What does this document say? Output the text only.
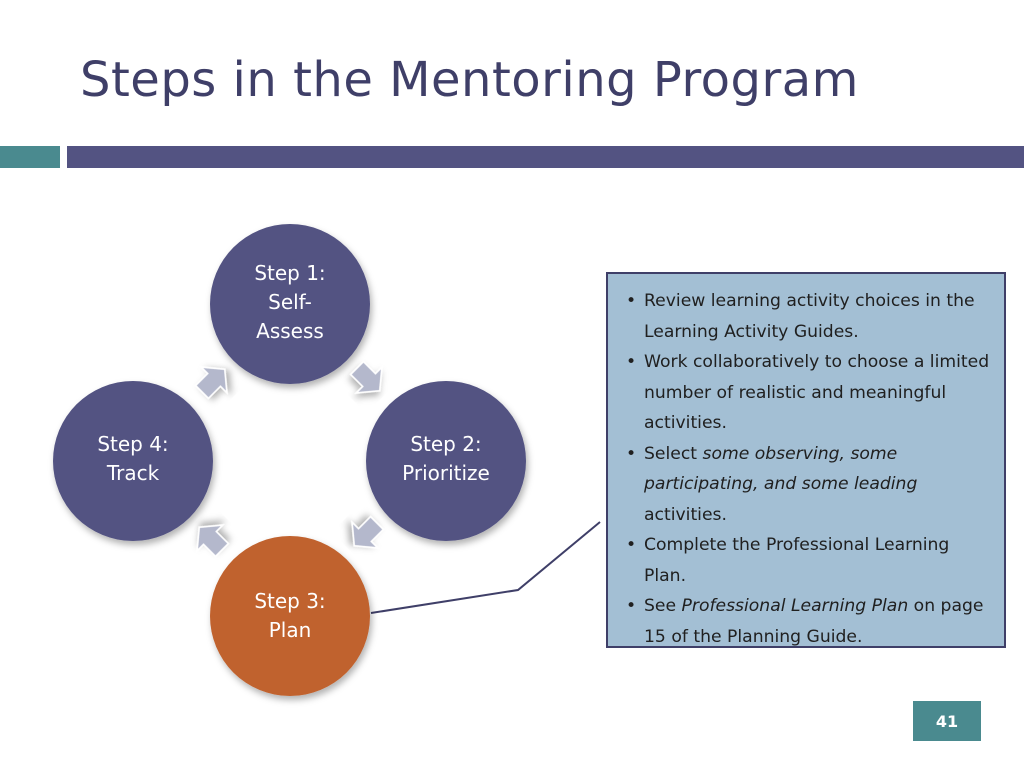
Steps in the Mentoring Program
Step 1:
Self-
Assess
Step 2:
Prioritize
Step 3:
Plan
Step 4:
Track
• Review learning activity choices in the Learning Activity Guides.
• Work collaboratively to choose a limited number of realistic and meaningful activities.
• Select some observing, some participating, and some leading activities.
• Complete the Professional Learning Plan.
• See Professional Learning Plan on page 15 of the Planning Guide.
41
